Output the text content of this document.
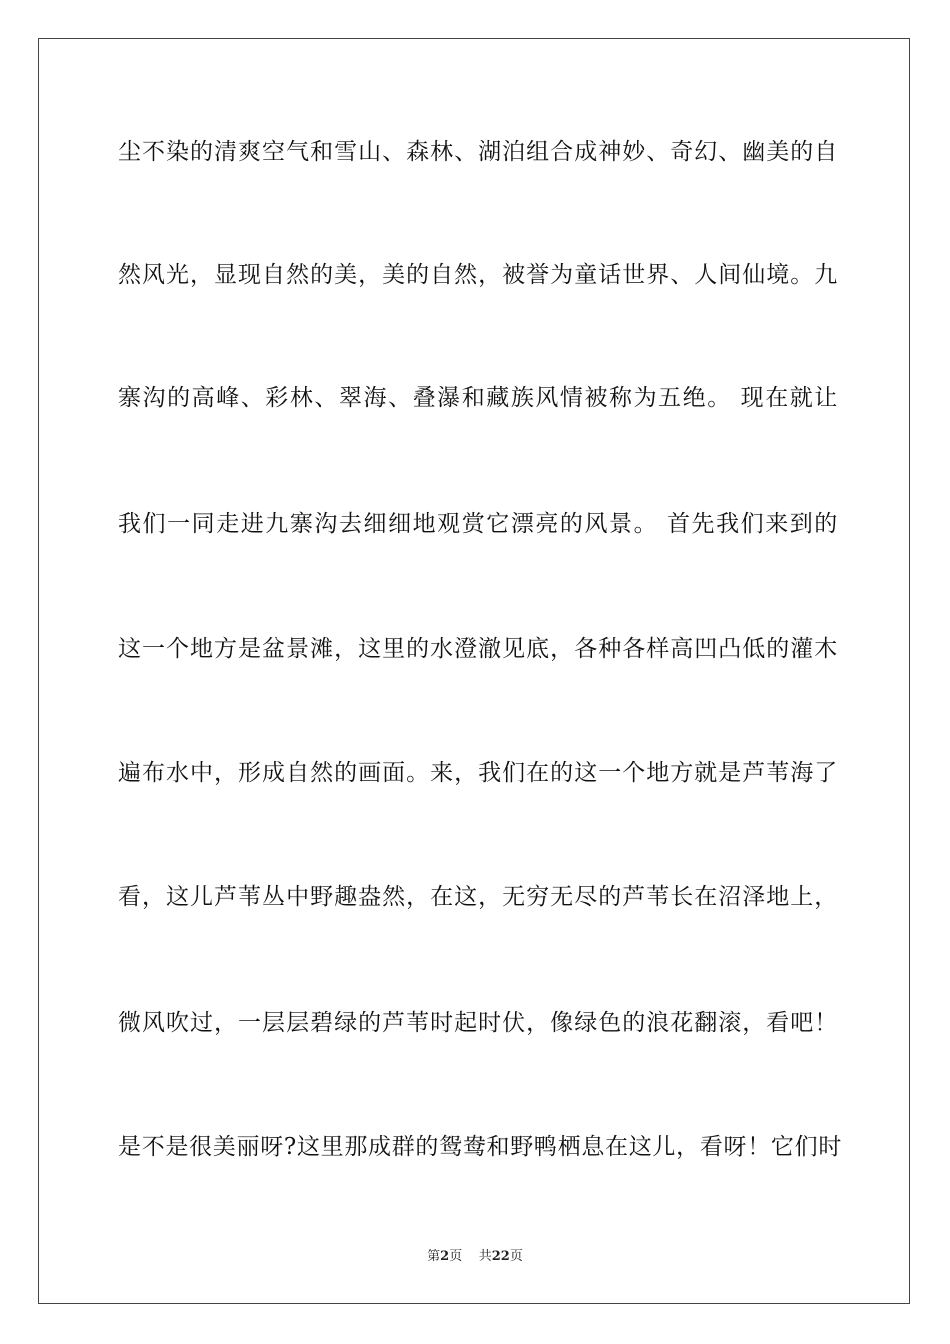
尘不染的清爽空气和雪山、森林、湖泊组合成神妙、奇幻、幽美的自
然风光，显现自然的美，美的自然，被誉为童话世界、人间仙境。九
寨沟的高峰、彩林、翠海、叠瀑和藏族风情被称为五绝。 现在就让
我们一同走进九寨沟去细细地观赏它漂亮的风景。 首先我们来到的
这一个地方是盆景滩，这里的水澄澈见底，各种各样高凹凸低的灌木
遍布水中，形成自然的画面。来，我们在的这一个地方就是芦苇海了
看，这儿芦苇丛中野趣盎然，在这，无穷无尽的芦苇长在沼泽地上，
微风吹过，一层层碧绿的芦苇时起时伏，像绿色的浪花翻滚，看吧！
是不是很美丽呀?这里那成群的鸳鸯和野鸭栖息在这儿，看呀！它们时
第2页 共22页
